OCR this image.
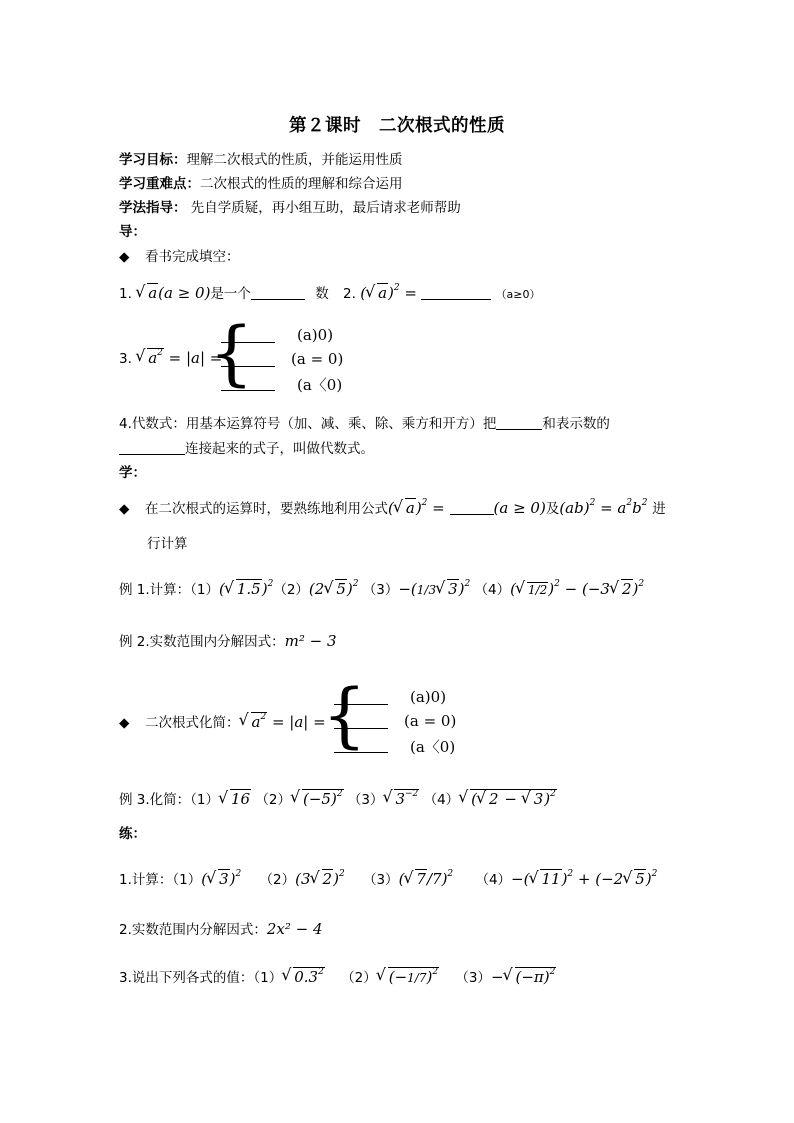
第２课时　二次根式的性质
学习目标：理解二次根式的性质，并能运用性质
学习重难点：二次根式的性质的理解和综合运用
学法指导： 先自学质疑，再小组互助，最后请求老师帮助
导：
◆ 看书完成填空：
1. √ a(a ≥ 0)是一个	数 2. ( √ a)$^2$ =	（a≥0）
3. √ $a^2 = |a|$ =
{	(a)0)
(a = 0)
(a〈0)
4.代数式：用基本运算符号（加、减、乘、除、乘方和开方）把	和表示数的
连接起来的式子，叫做代数式。
学：
◆ 在二次根式的运算时，要熟练地利用公式( √ a)$^2$ =	(a ≥ 0)及$(ab)^2 = a^2b^2$ 进
行计算
例 1.计算：（1）( √ 1.5)$^2$（2）(2 √ 5)$^2$ （3）−(1/3 √ 3)$^2$ （4）( √ 1/2)$^2$ − (−3 √ 2)$^2$
例 2.实数范围内分解因式：m² − 3
◆ 二次根式化简： √ $a^2 = |a|$ =
{	(a)0)
(a = 0)
(a〈0)
例 3.化简：（1） √ 16 （2） √ $(-5)^2$ （3） √ $3^{-2}$ （4） √ ( √ 2 − √ 3)$^2$
练：
1.计算：（1）( √ 3)$^2$ （2）(3 √ 2)$^2$ （3）( √ 7/7)$^2$ （4）−( √ 11)$^2$ + (−2 √ 5)$^2$
2.实数范围内分解因式：2x² − 4
3.说出下列各式的值：（1） √ $0.3^2$ （2） √ $(-1/7)^2$ （3）− √ $(-\pi)^2$
